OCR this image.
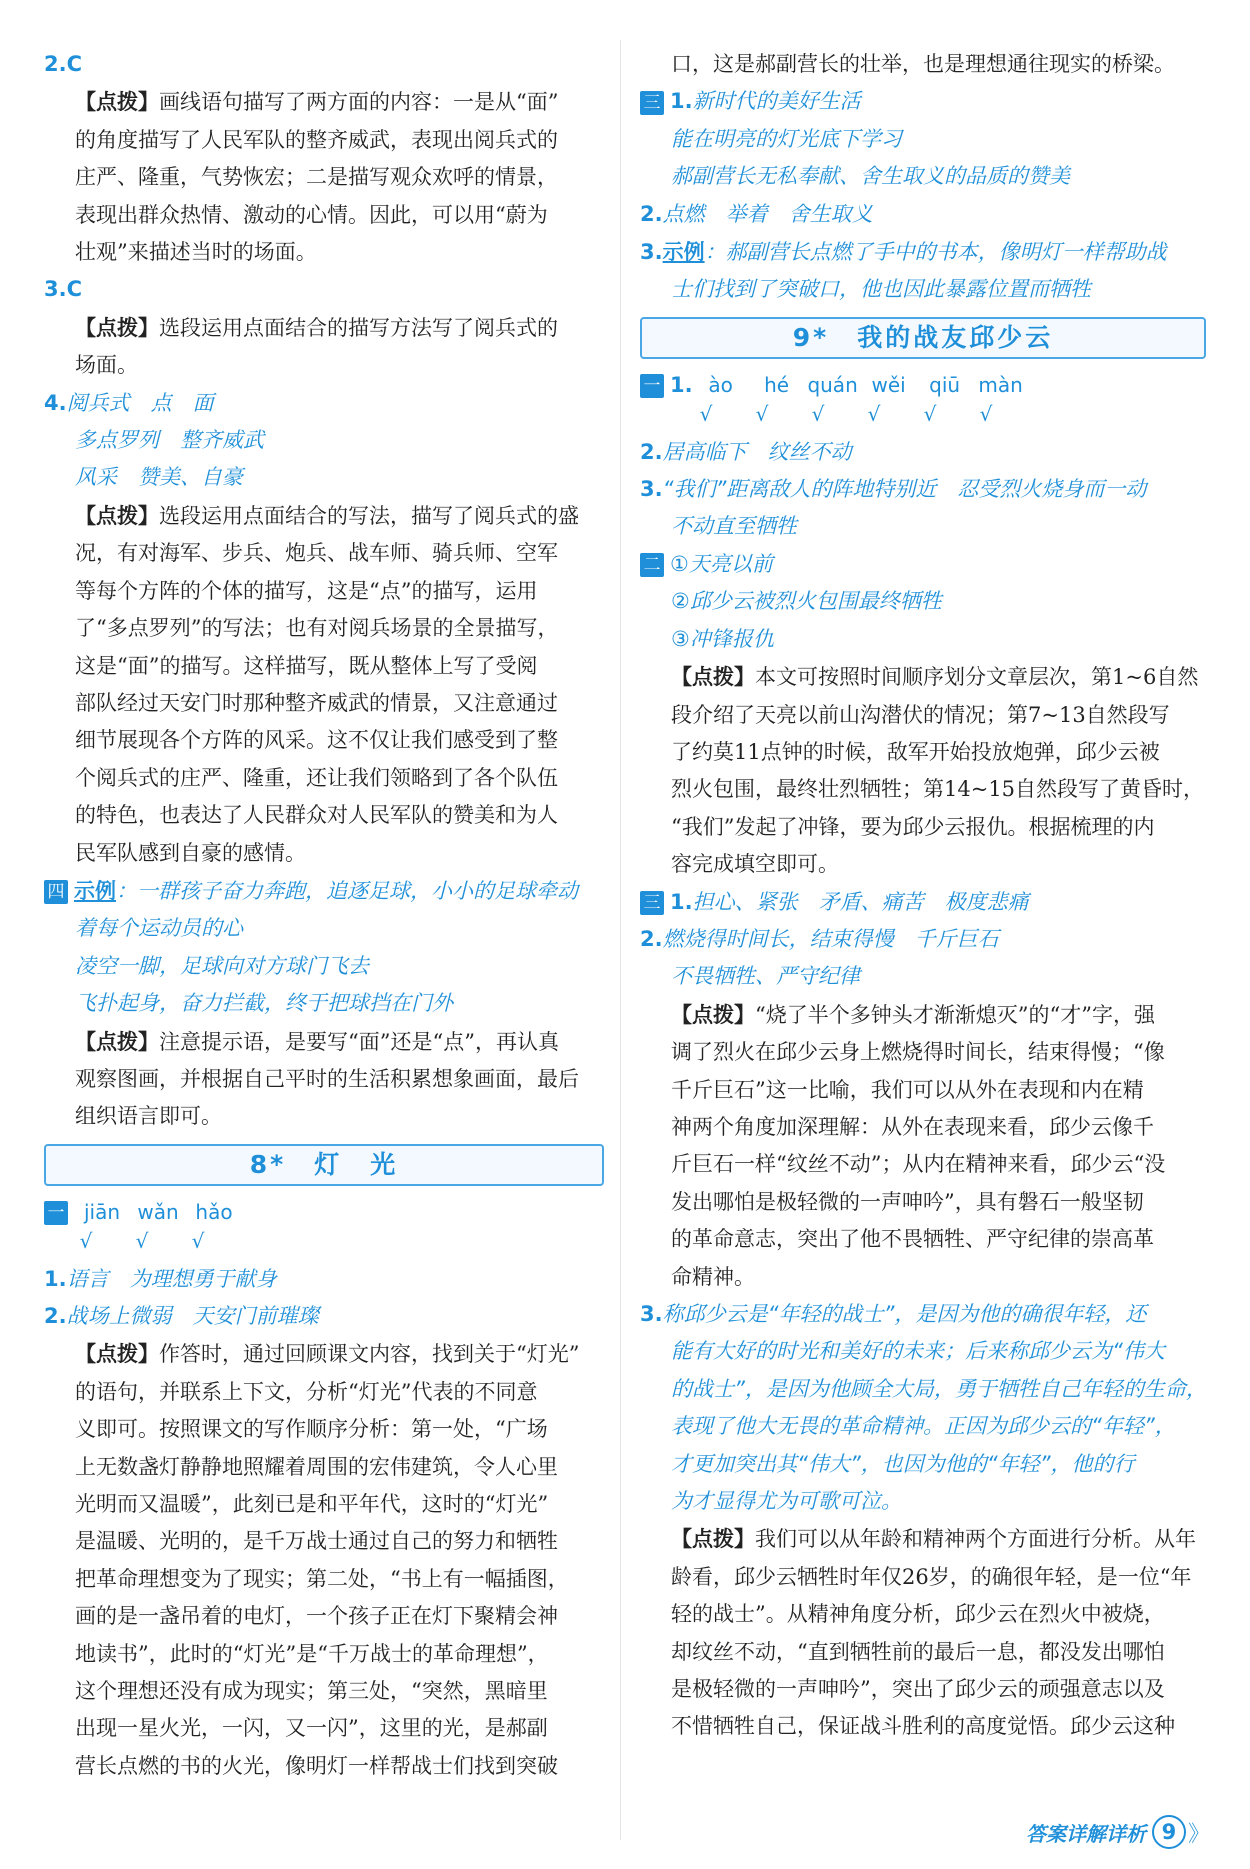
2.C
【点拨】画线语句描写了两方面的内容：一是从“面”
的角度描写了人民军队的整齐威武，表现出阅兵式的
庄严、隆重，气势恢宏；二是描写观众欢呼的情景，
表现出群众热情、激动的心情。因此，可以用“蔚为
壮观”来描述当时的场面。
3.C
【点拨】选段运用点面结合的描写方法写了阅兵式的
场面。
4.阅兵式　点　面
多点罗列　整齐威武
风采　赞美、自豪
【点拨】选段运用点面结合的写法，描写了阅兵式的盛
况，有对海军、步兵、炮兵、战车师、骑兵师、空军
等每个方阵的个体的描写，这是“点”的描写，运用
了“多点罗列”的写法；也有对阅兵场景的全景描写，
这是“面”的描写。这样描写，既从整体上写了受阅
部队经过天安门时那种整齐威武的情景，又注意通过
细节展现各个方阵的风采。这不仅让我们感受到了整
个阅兵式的庄严、隆重，还让我们领略到了各个队伍
的特色，也表达了人民群众对人民军队的赞美和为人
民军队感到自豪的感情。
四 示例：一群孩子奋力奔跑，追逐足球，小小的足球牵动
着每个运动员的心
凌空一脚，足球向对方球门飞去
飞扑起身，奋力拦截，终于把球挡在门外
【点拨】注意提示语，是要写“面”还是“点”，再认真
观察图画，并根据自己平时的生活积累想象画面，最后
组织语言即可。
8*　灯　光
一 jiān wǎn hǎo
√ √ √
1.语言　为理想勇于献身
2.战场上微弱　天安门前璀璨
【点拨】作答时，通过回顾课文内容，找到关于“灯光”
的语句，并联系上下文，分析“灯光”代表的不同意
义即可。按照课文的写作顺序分析：第一处，“广场
上无数盏灯静静地照耀着周围的宏伟建筑，令人心里
光明而又温暖”，此刻已是和平年代，这时的“灯光”
是温暖、光明的，是千万战士通过自己的努力和牺牲
把革命理想变为了现实；第二处，“书上有一幅插图，
画的是一盏吊着的电灯，一个孩子正在灯下聚精会神
地读书”，此时的“灯光”是“千万战士的革命理想”，
这个理想还没有成为现实；第三处，“突然，黑暗里
出现一星火光，一闪，又一闪”，这里的光，是郝副
营长点燃的书的火光，像明灯一样帮战士们找到突破
口，这是郝副营长的壮举，也是理想通往现实的桥梁。
三 1.新时代的美好生活
能在明亮的灯光底下学习
郝副营长无私奉献、舍生取义的品质的赞美
2.点燃　举着　舍生取义
3.示例：郝副营长点燃了手中的书本，像明灯一样帮助战
士们找到了突破口，他也因此暴露位置而牺牲
9*　我的战友邱少云
一 1. ào hé quán wěi qiū màn
√ √ √ √ √ √
2.居高临下　纹丝不动
3.“我们”距离敌人的阵地特别近　忍受烈火烧身而一动
不动直至牺牲
二 ①天亮以前
②邱少云被烈火包围最终牺牲
③冲锋报仇
【点拨】本文可按照时间顺序划分文章层次，第1~6自然
段介绍了天亮以前山沟潜伏的情况；第7~13自然段写
了约莫11点钟的时候，敌军开始投放炮弹，邱少云被
烈火包围，最终壮烈牺牲；第14~15自然段写了黄昏时，
“我们”发起了冲锋，要为邱少云报仇。根据梳理的内
容完成填空即可。
三 1.担心、紧张　矛盾、痛苦　极度悲痛
2.燃烧得时间长，结束得慢　千斤巨石
不畏牺牲、严守纪律
【点拨】“烧了半个多钟头才渐渐熄灭”的“才”字，强
调了烈火在邱少云身上燃烧得时间长，结束得慢；“像
千斤巨石”这一比喻，我们可以从外在表现和内在精
神两个角度加深理解：从外在表现来看，邱少云像千
斤巨石一样“纹丝不动”；从内在精神来看，邱少云“没
发出哪怕是极轻微的一声呻吟”，具有磐石一般坚韧
的革命意志，突出了他不畏牺牲、严守纪律的崇高革
命精神。
3.称邱少云是“年轻的战士”，是因为他的确很年轻，还
能有大好的时光和美好的未来；后来称邱少云为“伟大
的战士”，是因为他顾全大局，勇于牺牲自己年轻的生命，
表现了他大无畏的革命精神。正因为邱少云的“年轻”，
才更加突出其“伟大”，也因为他的“年轻”，他的行
为才显得尤为可歌可泣。
【点拨】我们可以从年龄和精神两个方面进行分析。从年
龄看，邱少云牺牲时年仅26岁，的确很年轻，是一位“年
轻的战士”。从精神角度分析，邱少云在烈火中被烧，
却纹丝不动，“直到牺牲前的最后一息，都没发出哪怕
是极轻微的一声呻吟”，突出了邱少云的顽强意志以及
不惜牺牲自己，保证战斗胜利的高度觉悟。邱少云这种
答案详解详析 9 》
